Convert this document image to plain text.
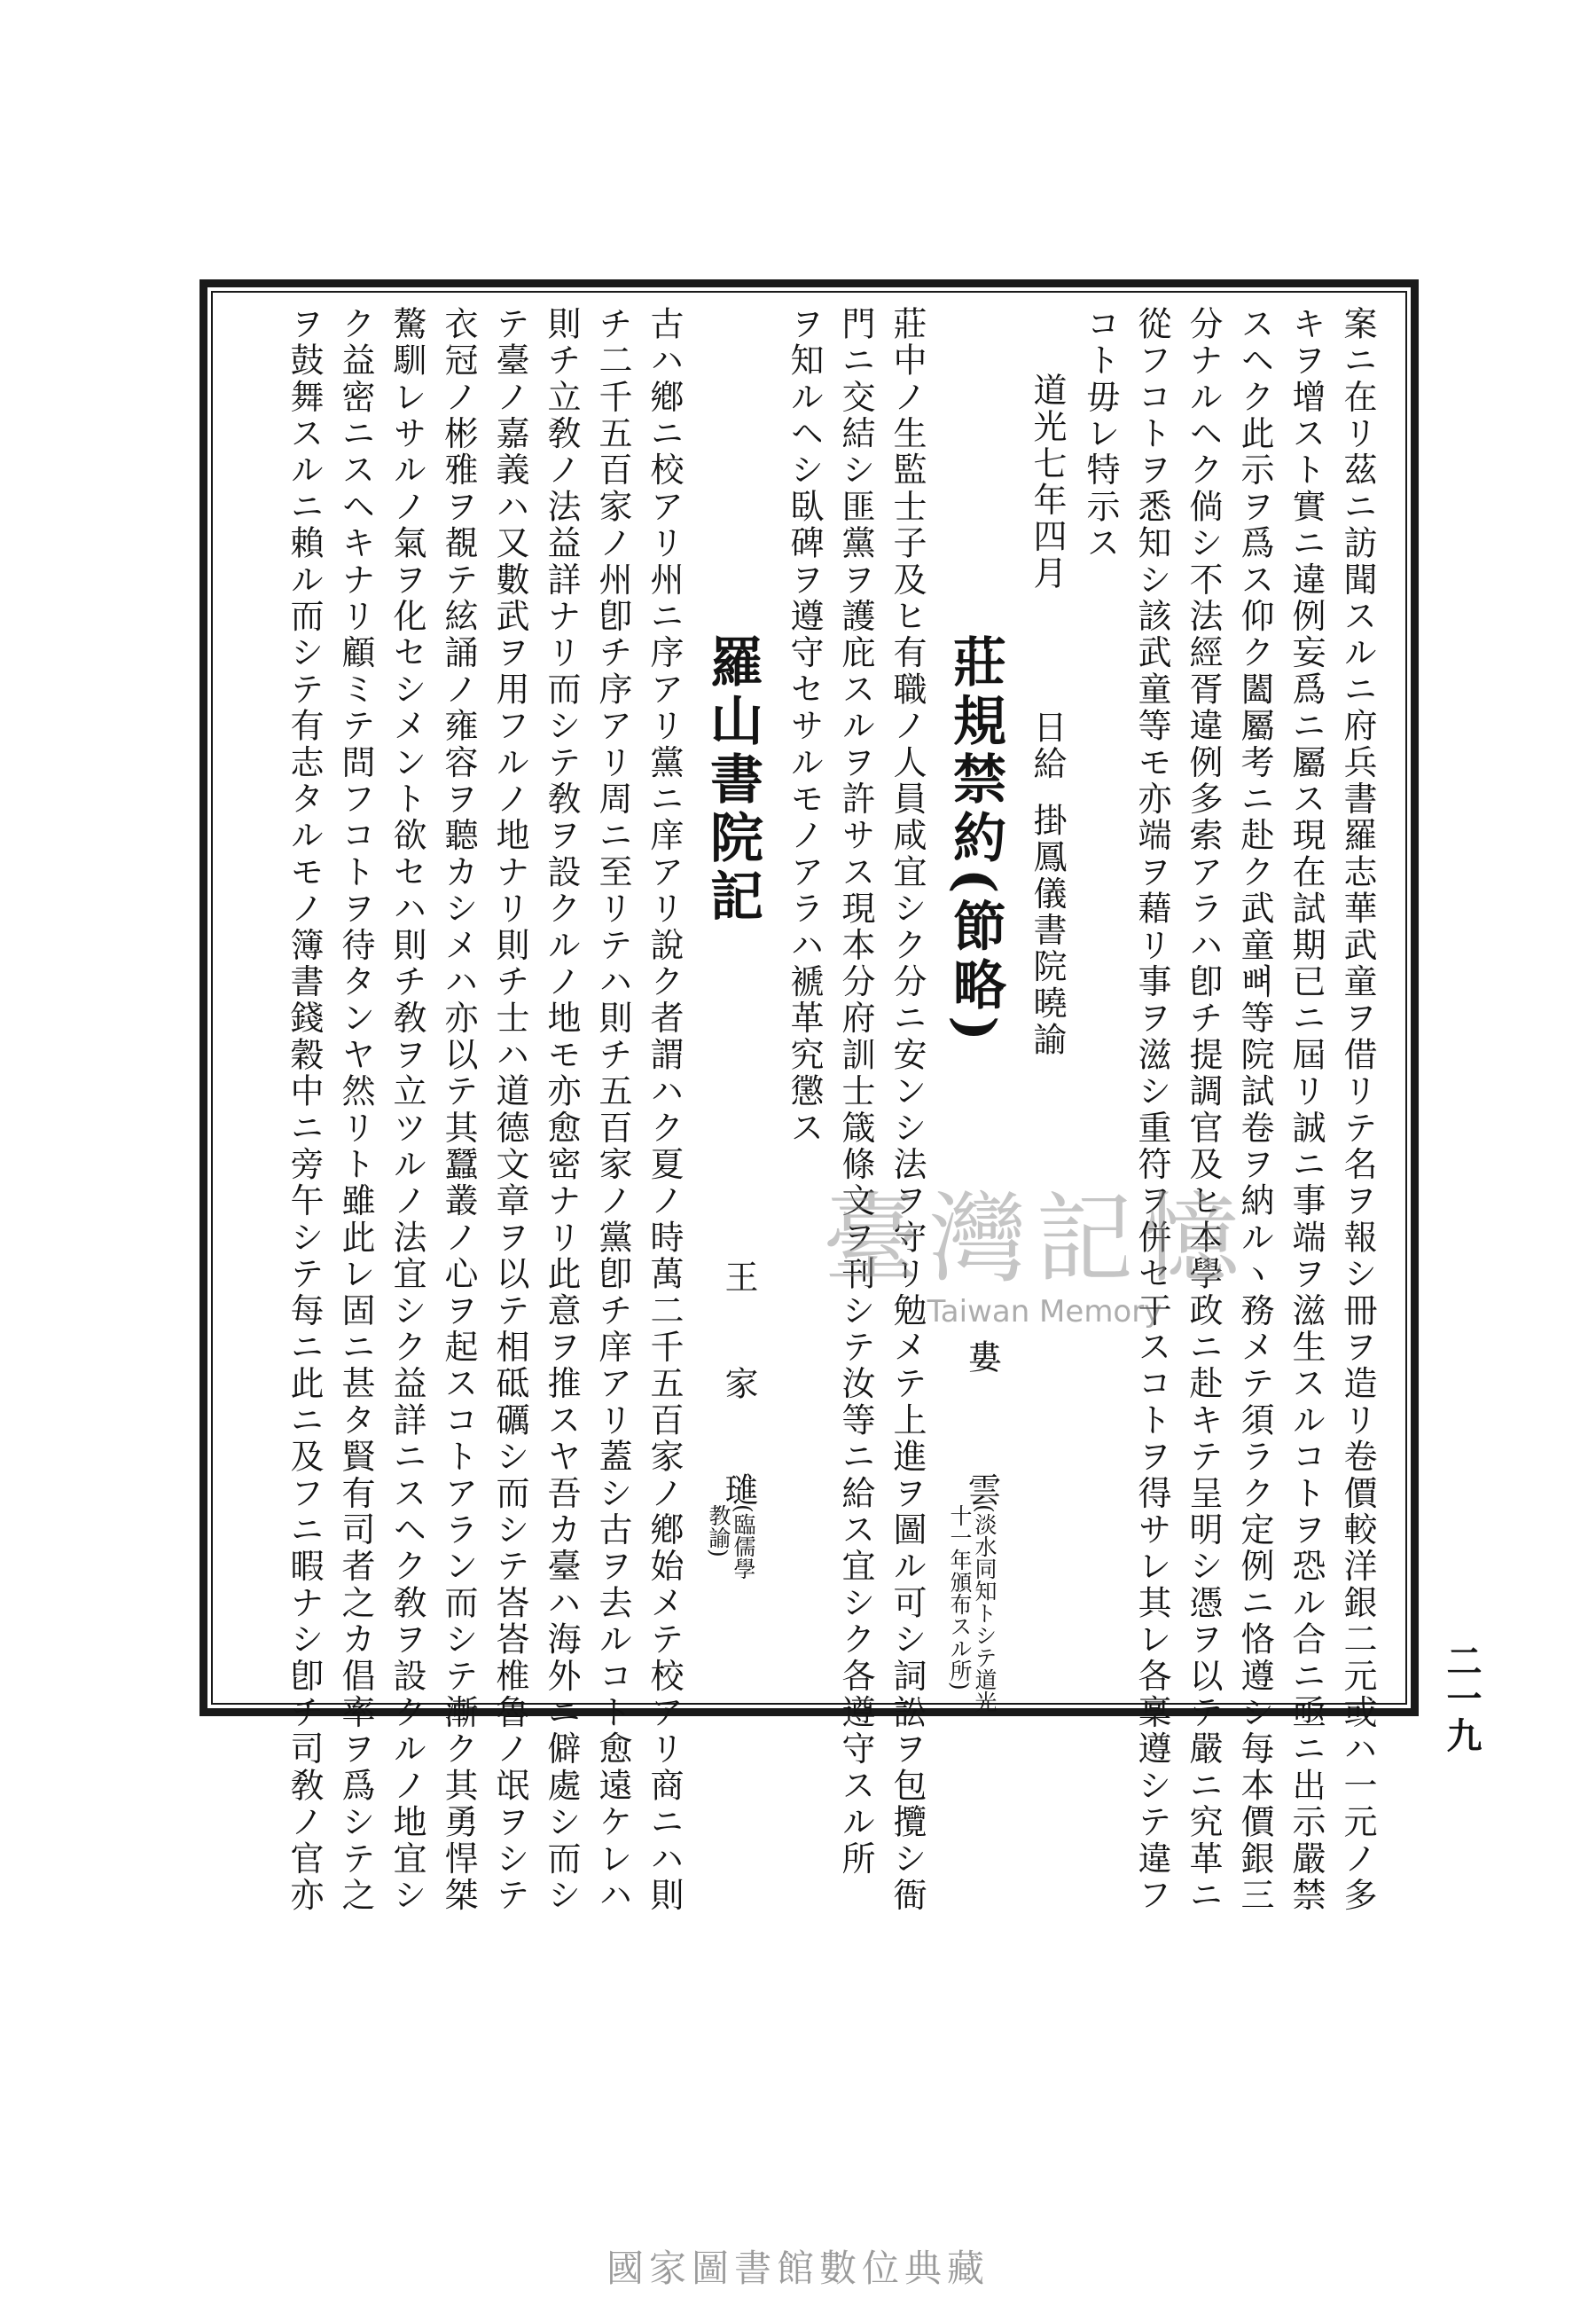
案ニ在リ茲ニ訪聞スルニ府兵書羅志華武童ヲ借リテ名ヲ報シ冊ヲ造リ卷價較洋銀二元或ハ一元ノ多
キヲ增スト實ニ違例妄爲ニ屬ス現在試期已ニ屆リ誠ニ事端ヲ滋生スルコトヲ恐ル合ニ亟ニ出示嚴禁
スヘク此示ヲ爲ス仰ク闔屬考ニ赴ク武童뼈等院試卷ヲ納ルヽ務メテ須ラク定例ニ恪遵シ每本價銀三
分ナルヘク倘シ不法經胥違例多索アラハ卽チ提調官及ヒ本學政ニ赴キテ呈明シ憑ヲ以テ嚴ニ究革ニ
從フコトヲ悉知シ該武童等モ亦端ヲ藉リ事ヲ滋シ重符ヲ併セ干スコトヲ得サレ其レ各稟遵シテ違フ
コト毋レ特示ス
道光七年四月
日給
掛鳳儀書院曉諭
莊規禁約(節略)
婁
雲
(淡水同知トシテ道光
十一年頒布スル所)
莊中ノ生監士子及ヒ有職ノ人員咸宜シク分ニ安ンシ法ヲ守リ勉メテ上進ヲ圖ル可シ詞訟ヲ包攬シ衙
門ニ交結シ匪黨ヲ護庇スルヲ許サス現本分府訓士箴條文ヲ刊シテ汝等ニ給ス宜シク各遵守スル所
ヲ知ルヘシ臥碑ヲ遵守セサルモノアラハ褫革究懲ス
羅山書院記
王
家
璡
(臨儒學
教諭)
古ハ鄕ニ校アリ州ニ序アリ黨ニ庠アリ說ク者謂ハク夏ノ時萬二千五百家ノ鄕始メテ校アリ商ニハ則
チ二千五百家ノ州卽チ序アリ周ニ至リテハ則チ五百家ノ黨卽チ庠アリ蓋シ古ヲ去ルコト愈遠ケレハ
則チ立敎ノ法益詳ナリ而シテ敎ヲ設クルノ地モ亦愈密ナリ此意ヲ推スヤ吾カ臺ハ海外ニ僻處シ而シ
テ臺ノ嘉義ハ又數武ヲ用フルノ地ナリ則チ士ハ道德文章ヲ以テ相砥礪シ而シテ峇峇椎魯ノ氓ヲシテ
衣冠ノ彬雅ヲ覩テ絃誦ノ雍容ヲ聽カシメハ亦以テ其蠶叢ノ心ヲ起スコトアラン而シテ漸ク其勇悍桀
驁馴レサルノ氣ヲ化セシメント欲セハ則チ敎ヲ立ツルノ法宜シク益詳ニスヘク敎ヲ設クルノ地宜シ
ク益密ニスヘキナリ顧ミテ問フコトヲ待タンヤ然リト雖此レ固ニ甚タ賢有司者之カ倡率ヲ爲シテ之
ヲ鼓舞スルニ賴ル而シテ有志タルモノ簿書錢穀中ニ旁午シテ每ニ此ニ及フニ暇ナシ卽チ司敎ノ官亦	二一九
臺灣記憶
Taiwan Memory
國家圖書館數位典藏
